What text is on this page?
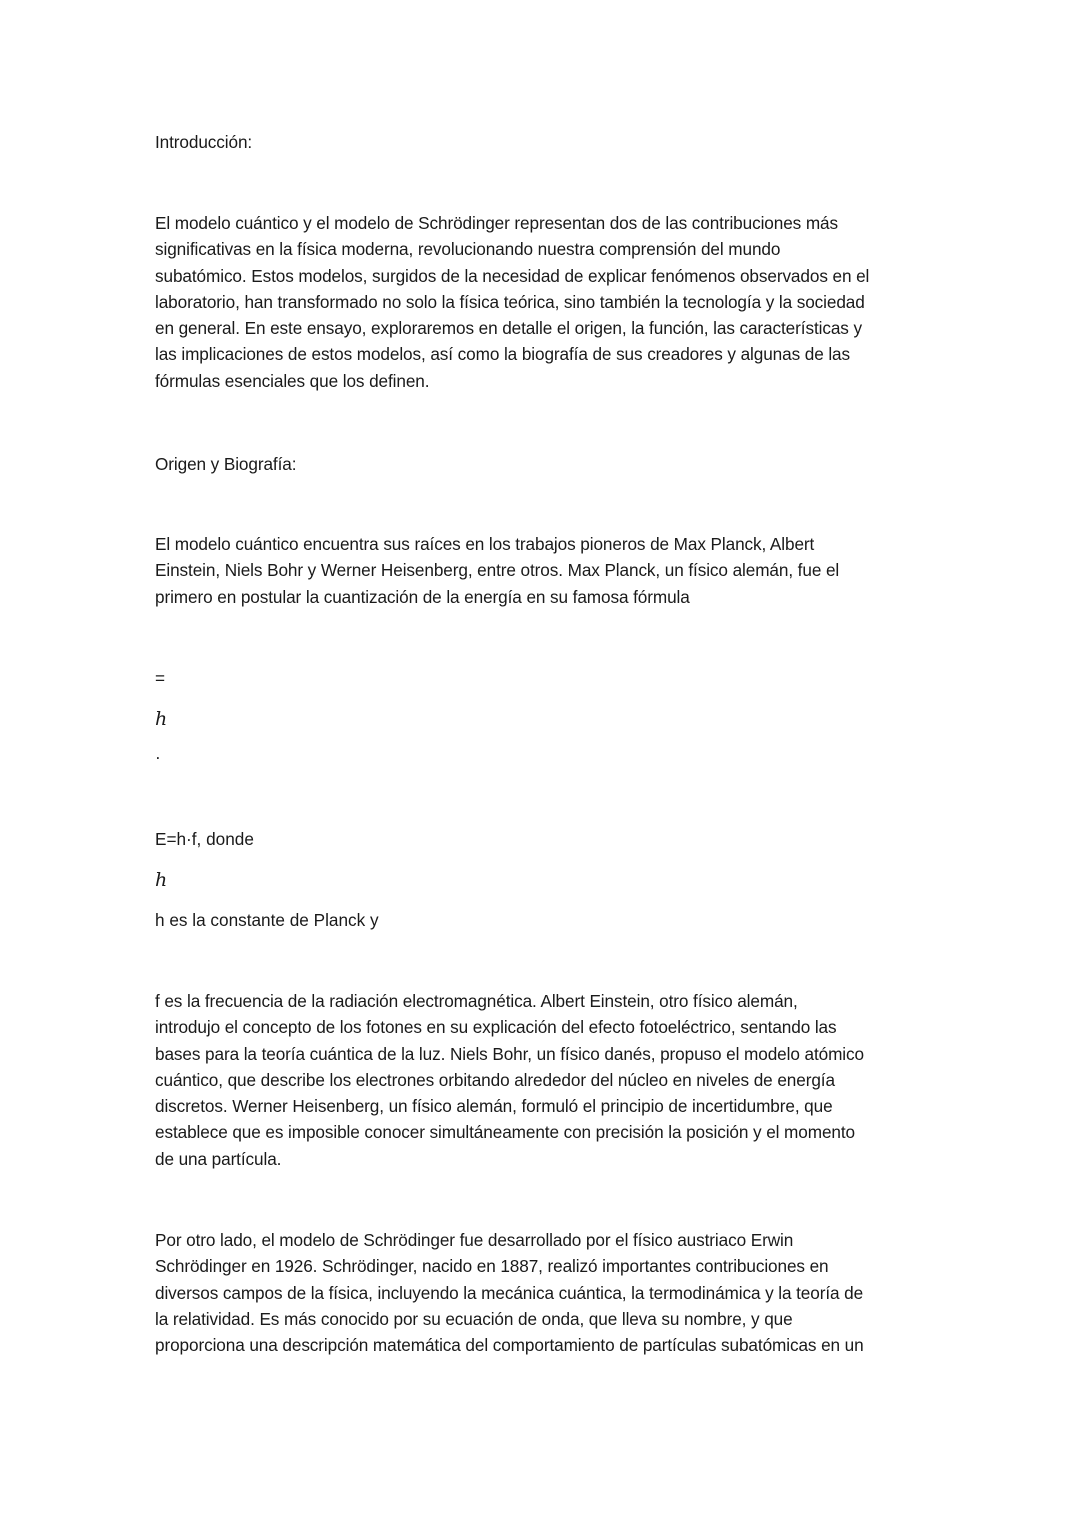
Introducción:

El modelo cuántico y el modelo de Schrödinger representan dos de las contribuciones más
significativas en la física moderna, revolucionando nuestra comprensión del mundo
subatómico. Estos modelos, surgidos de la necesidad de explicar fenómenos observados en el
laboratorio, han transformado no solo la física teórica, sino también la tecnología y la sociedad
en general. En este ensayo, exploraremos en detalle el origen, la función, las características y
las implicaciones de estos modelos, así como la biografía de sus creadores y algunas de las
fórmulas esenciales que los definen.

Origen y Biografía:

El modelo cuántico encuentra sus raíces en los trabajos pioneros de Max Planck, Albert
Einstein, Niels Bohr y Werner Heisenberg, entre otros. Max Planck, un físico alemán, fue el
primero en postular la cuantización de la energía en su famosa fórmula

=

h

·

E=h·f, donde

h

h es la constante de Planck y

f es la frecuencia de la radiación electromagnética. Albert Einstein, otro físico alemán,
introdujo el concepto de los fotones en su explicación del efecto fotoeléctrico, sentando las
bases para la teoría cuántica de la luz. Niels Bohr, un físico danés, propuso el modelo atómico
cuántico, que describe los electrones orbitando alrededor del núcleo en niveles de energía
discretos. Werner Heisenberg, un físico alemán, formuló el principio de incertidumbre, que
establece que es imposible conocer simultáneamente con precisión la posición y el momento
de una partícula.

Por otro lado, el modelo de Schrödinger fue desarrollado por el físico austriaco Erwin
Schrödinger en 1926. Schrödinger, nacido en 1887, realizó importantes contribuciones en
diversos campos de la física, incluyendo la mecánica cuántica, la termodinámica y la teoría de
la relatividad. Es más conocido por su ecuación de onda, que lleva su nombre, y que
proporciona una descripción matemática del comportamiento de partículas subatómicas en un
